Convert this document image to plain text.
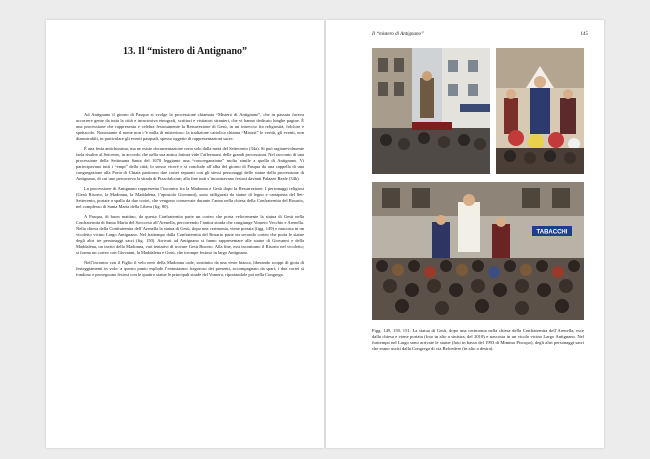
13. Il “mistero di Antignano”

Ad Antignano il giorno di Pasqua si svolge la processione chiamata “Mistero di Antignano”, che in passato faceva accorrere gente da tutta la città e incuriosiva etnografi, scrittori e visitatori stranieri, che vi hanno dedicato lunghe pagine. È una processione che rappresenta e celebra festosamente la Resurrezione di Gesù, in un intreccio fra religiosità, folclore e spettacolo. Nonostante il nome non c’è nulla di misterioso: la tradizione cattolica chiama “Misteri” le verità, gli eventi, non dimostrabili, in particolare gli eventi pasquali, spesso oggetto di rappresentazioni sacre.

È una festa antichissima, ma ne esiste documentazione certa solo dalla metà del Settecento (34a). Si può ragionevolmente farla risalire al Seicento, in accordo che nella sua antica fattura vide l’affermarsi delle grandi processioni. Nel racconto di una processione della Settimana Santa del 1670 leggiamo una “concreganzione” molto simile a quella di Antignano. Vi partecipavano tutti i “empi” della città; lo stesso viceré e si conclude all’alba del giorno di Pasqua da una cappella di una congregazione alla Porta di Chiaia partirono due cortei separati con gli stessi personaggi delle statue della processione di Antignano, di cui uno percorreva la strada di Pizzofalcone; alla fine tutti s’incontravano festosi davanti Palazzo Reale (34b).

La processione di Antignano rappresenta l’incontro fra la Madonna e Gesù dopo la Resurrezione. I personaggi religiosi (Gesù Risorto, la Madonna, la Maddalena, l’apostolo Giovanni), sono raffigurati da statue di legno e cartapesta del Sei-Settecento, portate a spalla da due cortei, che vengono conservate durante l’anno nella chiesa della Confraternita del Rosario, nel complesso di Santa Maria della Libera (fig. 80).

A Pasqua, di buon mattino, da questa Confraternita parte un corteo che porta velocemente la statua di Gesù nella Confraternita di Santa Maria del Soccorso all’Arenella, percorrendo l’antica strada che congiunge Vomero Vecchio e Arenella. Nella chiesa della Confraternita dell’Arenella la statua di Gesù, dopo una cerimonia, viene portata (figg. 149) e nascosta in un vicoletto vicino Largo Antignano. Nel frattempo dalla Confraternita del Rosario parte un secondo corteo che porta le statue degli altri tre personaggi sacri (fig. 150). Arrivati ad Antignano si fanno rappresentare alle statue di Giovanni e della Maddalena, un invito della Madonna, vari tentativi di trovare Gesù Risorto. Alla fine, essi incontrano il Risorto nel vicoletto; si forma un corteo con Giovanni, la Maddalena e Gesù, che irrompe festoso in largo Antignano.

Nell’incontro con il Figlio il velo nero della Madonna cade, sostituito da una veste bianca, liberando scoppi di gioia di festeggiamenti in volo: a questo punto esplode l’entusiasmo fragoroso dei presenti, accompagnato da spari; i due cortei si fondono e proseguono festosi con le quattro statue le principali strade del Vomero, riportandole poi nella Congrega.

Il “mistero di Antignano”	145
TABACCHI
Figg. 149, 150, 151. La statua di Gesù, dopo una cerimonia nella chiesa della Confraternita dell’Arenella, esce dalla chiesa e viene portata (foto in alto a sinistra, del 2010) e nascosta in un vicolo vicino Largo Antignano. Nel frattempo nel Largo sono arrivate le statue (foto in basso del 1993 di Mimmo Piscopo), degli altri personaggi sacri che erano usciti dalla Congrega di via Belvedere (in alto a destra).
